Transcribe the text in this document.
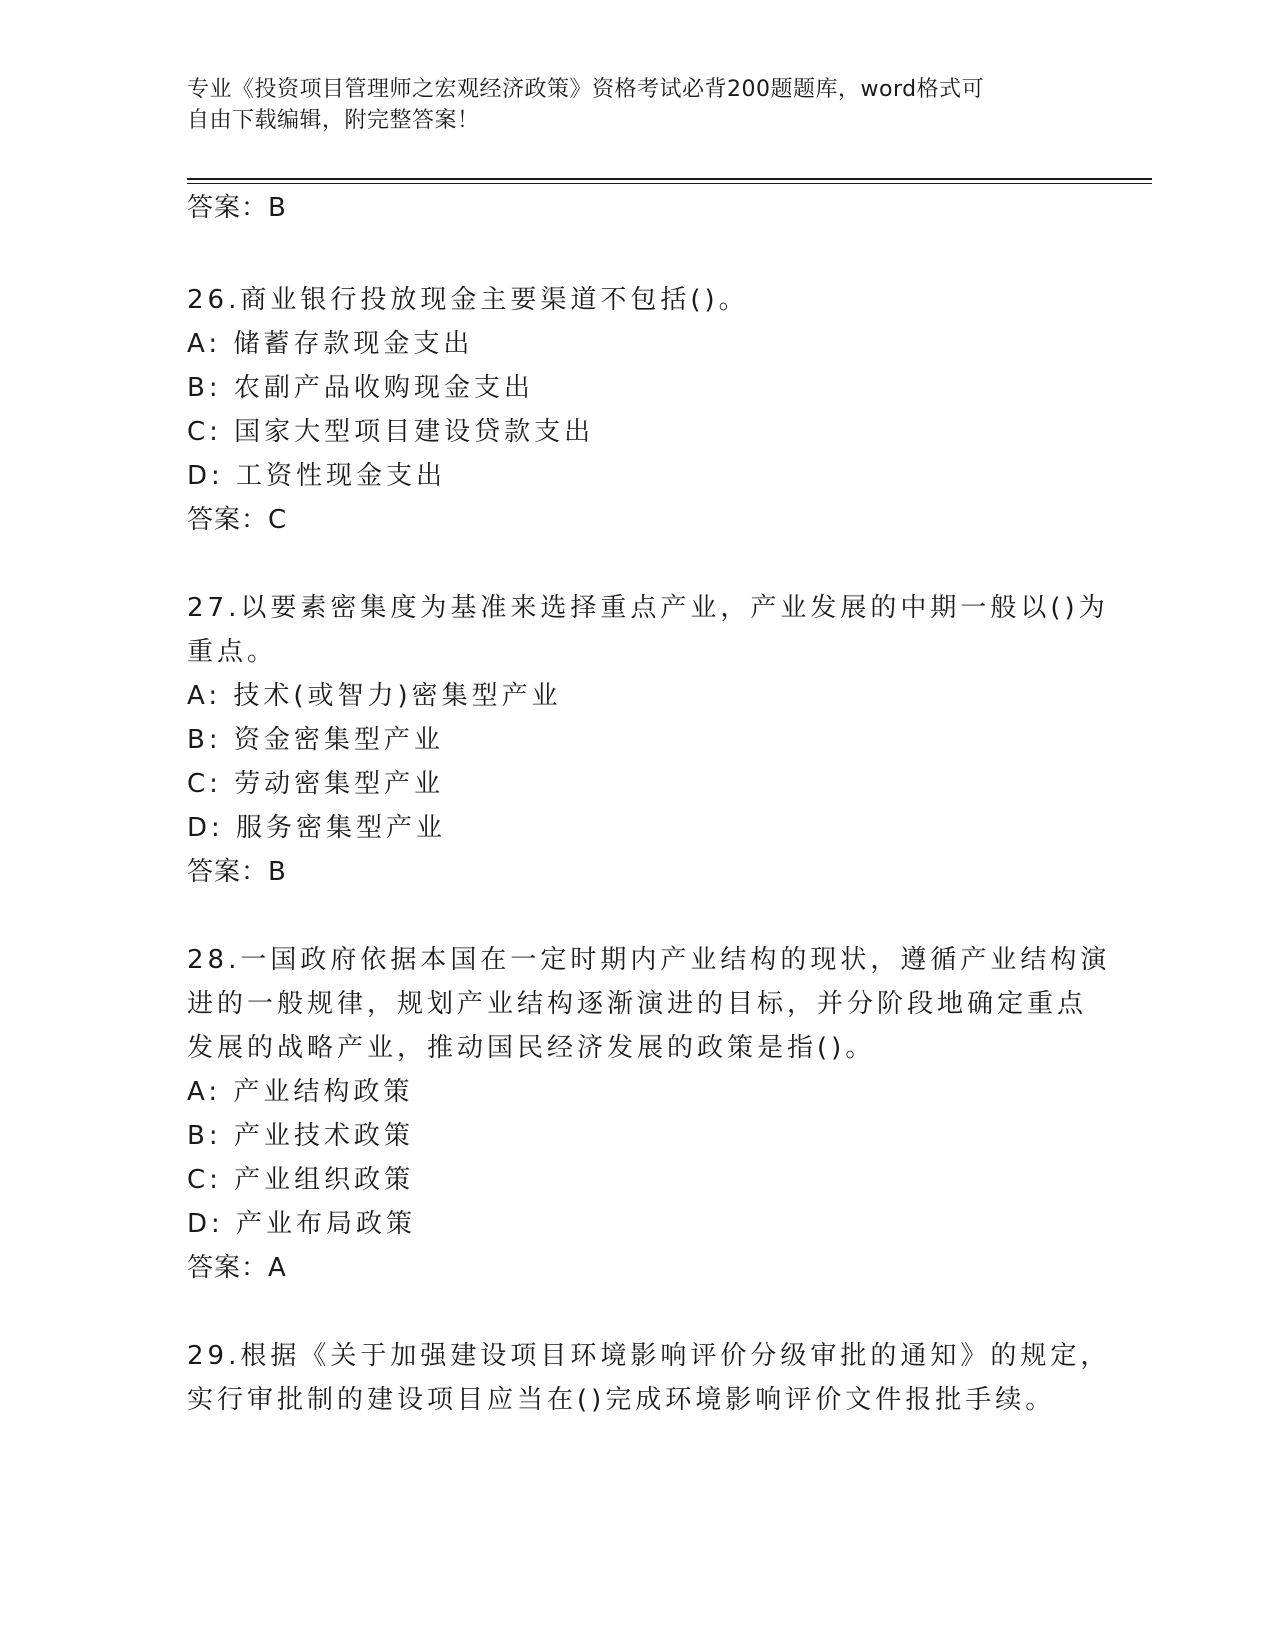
专业《投资项目管理师之宏观经济政策》资格考试必背200题题库，word格式可
自由下载编辑，附完整答案！
答案：B
26.商业银行投放现金主要渠道不包括()。
A: 储蓄存款现金支出
B: 农副产品收购现金支出
C: 国家大型项目建设贷款支出
D: 工资性现金支出
答案：C
27.以要素密集度为基准来选择重点产业，产业发展的中期一般以()为
重点。
A: 技术(或智力)密集型产业
B: 资金密集型产业
C: 劳动密集型产业
D: 服务密集型产业
答案：B
28.一国政府依据本国在一定时期内产业结构的现状，遵循产业结构演
进的一般规律，规划产业结构逐渐演进的目标，并分阶段地确定重点
发展的战略产业，推动国民经济发展的政策是指()。
A: 产业结构政策
B: 产业技术政策
C: 产业组织政策
D: 产业布局政策
答案：A
29.根据《关于加强建设项目环境影响评价分级审批的通知》的规定，
实行审批制的建设项目应当在()完成环境影响评价文件报批手续。
